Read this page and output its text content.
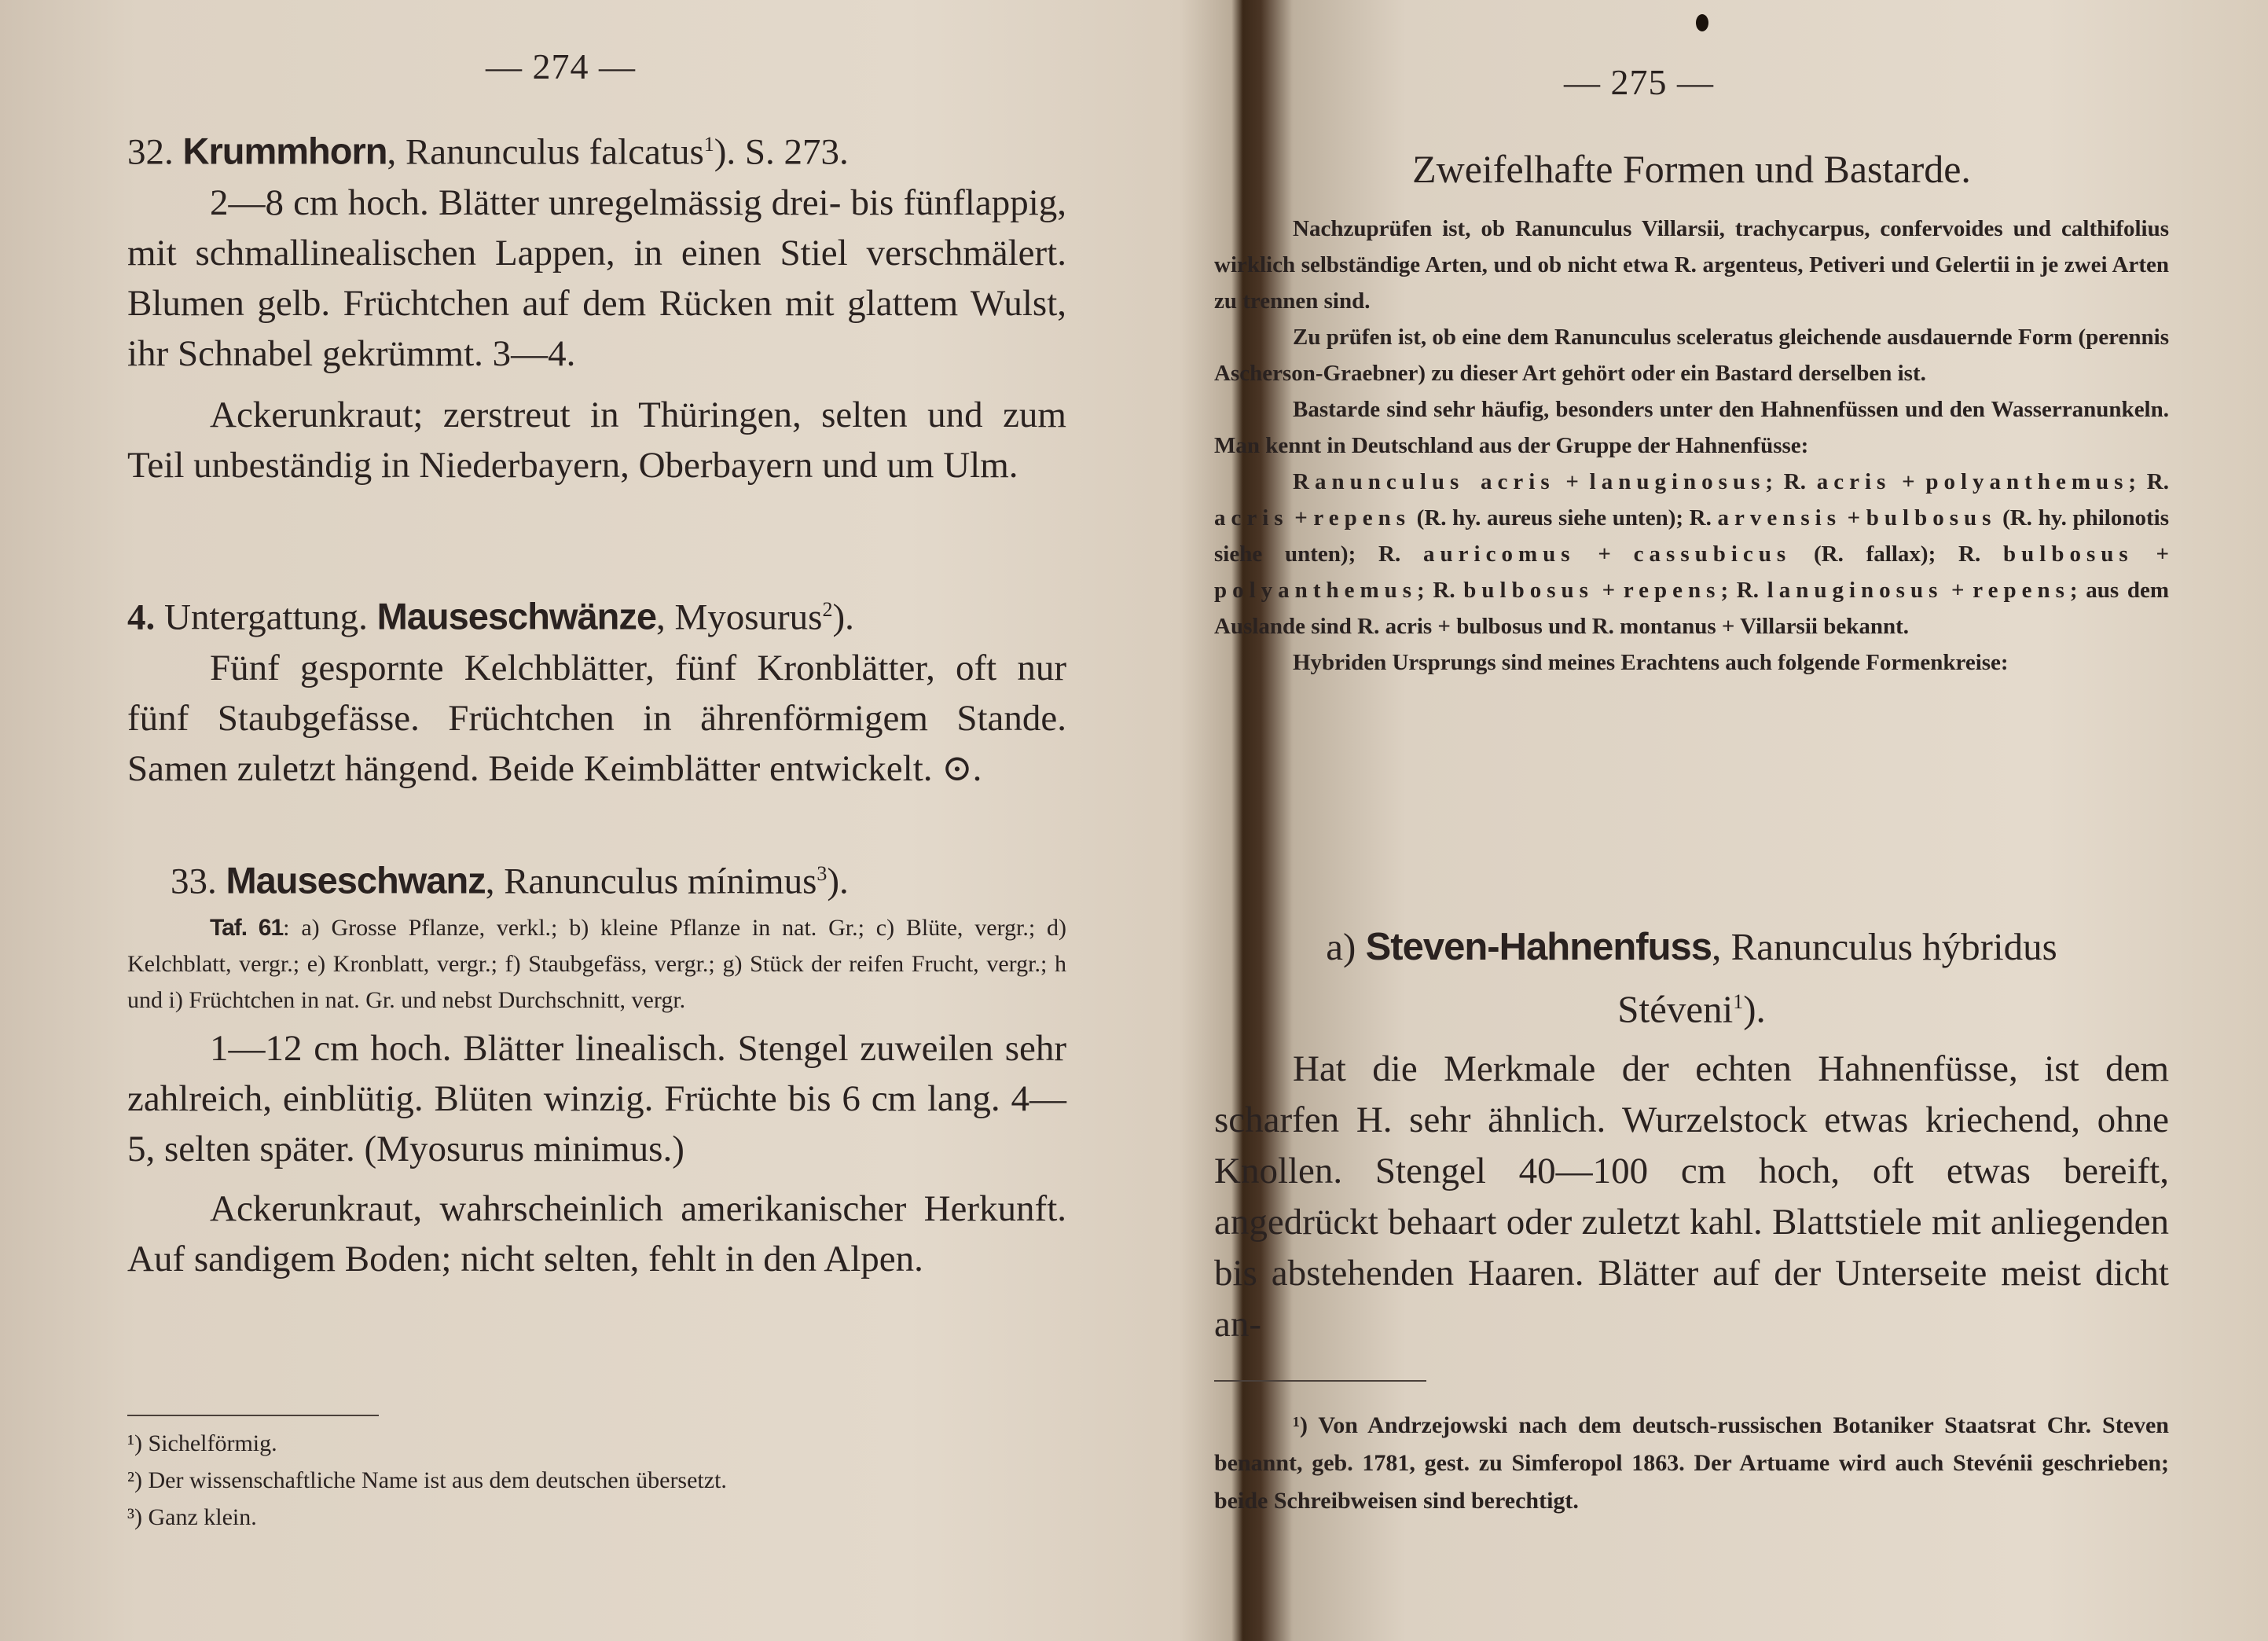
— 274 —

32. Krummhorn, Ranunculus falcatus$^1$). S. 273.

2—8 cm hoch. Blätter unregelmässig drei- bis fünflappig, mit schmallinealischen Lappen, in einen Stiel verschmälert. Blumen gelb. Früchtchen auf dem Rücken mit glattem Wulst, ihr Schnabel gekrümmt. 3—4.

Ackerunkraut; zerstreut in Thüringen, selten und zum Teil unbeständig in Niederbayern, Oberbayern und um Ulm.

4. Untergattung. Mauseschwänze, Myosurus$^2$).

Fünf gespornte Kelchblätter, fünf Kronblätter, oft nur fünf Staubgefässe. Früchtchen in ährenförmigem Stande. Samen zuletzt hängend. Beide Keimblätter entwickelt. ⊙.

33. Mauseschwanz, Ranunculus mínimus$^3$).

Taf. 61: a) Grosse Pflanze, verkl.; b) kleine Pflanze in nat. Gr.; c) Blüte, vergr.; d) Kelchblatt, vergr.; e) Kronblatt, vergr.; f) Staubgefäss, vergr.; g) Stück der reifen Frucht, vergr.; h und i) Früchtchen in nat. Gr. und nebst Durchschnitt, vergr.

1—12 cm hoch. Blätter linealisch. Stengel zuweilen sehr zahlreich, einblütig. Blüten winzig. Früchte bis 6 cm lang. 4—5, selten später. (Myosurus minimus.)

Ackerunkraut, wahrscheinlich amerikanischer Herkunft. Auf sandigem Boden; nicht selten, fehlt in den Alpen.

¹) Sichelförmig.

²) Der wissenschaftliche Name ist aus dem deutschen übersetzt.

³) Ganz klein.

— 275 —
Zweifelhafte Formen und Bastarde.

Nachzuprüfen ist, ob Ranunculus Villarsii, trachycarpus, confervoides und calthifolius wirklich selbständige Arten, und ob nicht etwa R. argenteus, Petiveri und Gelertii in je zwei Arten zu trennen sind.

Zu prüfen ist, ob eine dem Ranunculus sceleratus gleichende ausdauernde Form (perennis Ascherson-Graebner) zu dieser Art gehört oder ein Bastard derselben ist.

Bastarde sind sehr häufig, besonders unter den Hahnenfüssen und den Wasserranunkeln. Man kennt in Deutschland aus der Gruppe der Hahnenfüsse:

Ranunculus acris + lanuginosus; R. acris + polyanthemus; R. acris + repens (R. hy. aureus siehe unten); R. arvensis + bulbosus (R. hy. philonotis siehe unten); R. auricomus + cassubicus (R. fallax); R. bulbosus + polyanthemus; R. bulbosus + repens; R. lanuginosus + repens; aus dem Auslande sind R. acris + bulbosus und R. montanus + Villarsii bekannt.

Hybriden Ursprungs sind meines Erachtens auch folgende Formenkreise:

a) Steven-Hahnenfuss, Ranunculus hýbridus

Stéveni$^1$).

Hat die Merkmale der echten Hahnenfüsse, ist dem scharfen H. sehr ähnlich. Wurzelstock etwas kriechend, ohne Knollen. Stengel 40—100 cm hoch, oft etwas bereift, angedrückt behaart oder zuletzt kahl. Blattstiele mit anliegenden bis abstehenden Haaren. Blätter auf der Unterseite meist dicht an-

¹) Von Andrzejowski nach dem deutsch-russischen Botaniker Staatsrat Chr. Steven benannt, geb. 1781, gest. zu Simferopol 1863. Der Artuame wird auch Stevénii geschrieben; beide Schreibweisen sind berechtigt.
